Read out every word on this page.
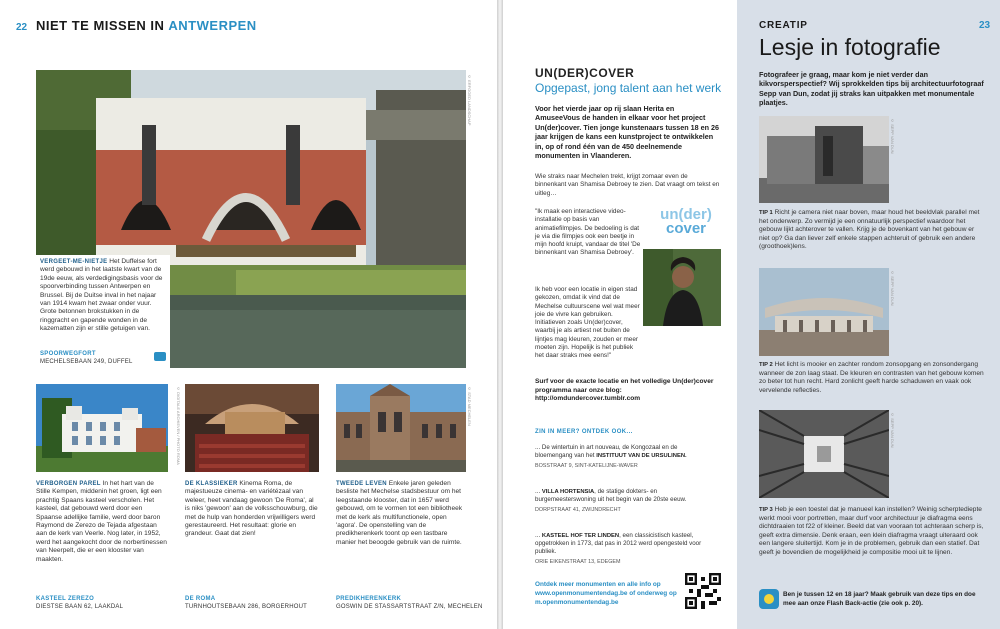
22 NIET TE MISSEN IN ANTWERPEN
© ERFGOED LANDSCHAP
VERGEET-ME-NIETJE Het Duffelse fort werd gebouwd in het laatste kwart van de 19de eeuw, als verdedigingsbasis voor de spoorverbinding tussen Antwerpen en Brussel. Bij de Duitse inval in het najaar van 1914 kwam het zwaar onder vuur. Grote betonnen brokstukken in de ringgracht en gapende wonden in de kazematten zijn er stille getuigen van.
SPOORWEGFORT
MECHELSEBAAN 249, DUFFEL
© DIGITALE ARCHIEVEN / PHOTO ROMA	© STAD MECHELEN
VERBORGEN PAREL In het hart van de Stille Kempen, middenin het groen, ligt een prachtig Spaans kasteel verscholen. Het kasteel, dat gebouwd werd door een Spaanse adellijke familie, werd door baron Raymond de Zerezo de Tejada afgestaan aan de kerk van Veerle. Nog later, in 1952, werd het aangekocht door de norbertinessen van Neerpelt, die er een klooster van maakten.
DE KLASSIEKER Kinema Roma, de majestueuze cinema- en variétézaal van weleer, heet vandaag gewoon 'De Roma', al is niks 'gewoon' aan de volksschouwburg, die met de hulp van honderden vrijwilligers werd gerestaureerd. Het resultaat: glorie en grandeur. Gaat dat zien!
TWEEDE LEVEN Enkele jaren geleden besliste het Mechelse stadsbestuur om het leegstaande klooster, dat in 1657 werd gebouwd, om te vormen tot een bibliotheek met de kerk als multifunctionele, open 'agora'. De openstelling van de predikherenkerk toont op een tastbare manier het beoogde gebruik van de ruimte.
KASTEEL ZEREZO
DIESTSE BAAN 62, LAAKDAL
DE ROMA
TURNHOUTSEBAAN 286, BORGERHOUT
PREDIKHERENKERK
GOSWIN DE STASSARTSTRAAT Z/N, MECHELEN
UN(DER)COVER
Opgepast, jong talent aan het werk
Voor het vierde jaar op rij slaan Herita en AmuseeVous de handen in elkaar voor het project Un(der)cover. Tien jonge kunstenaars tussen 18 en 26 jaar krijgen de kans een kunstproject te ontwikkelen in, op of rond één van de 450 deelnemende monumenten in Vlaanderen.
Wie straks naar Mechelen trekt, krijgt zomaar even de binnenkant van Shamisa Debroey te zien. Dat vraagt om tekst en uitleg…
un(der)
cover
"Ik maak een interactieve video-installatie op basis van animatiefilmpjes. De bedoeling is dat je via die filmpjes ook een beetje in mijn hoofd kruipt, vandaar de titel 'De binnenkant van Shamisa Debroey'.
Ik heb voor een locatie in eigen stad gekozen, omdat ik vind dat de Mechelse cultuurscene wel wat meer joie de vivre kan gebruiken. Initiatieven zoals Un(der)cover, waarbij je als artiest net buiten de lijntjes mag kleuren, zouden er meer moeten zijn. Hopelijk is het publiek het daar straks mee eens!"
Surf voor de exacte locatie en het volledige Un(der)cover programma naar onze blog: http://omdundercover.tumblr.com
ZIN IN MEER? ONTDEK OOK...
... De wintertuin in art nouveau, de Kongozaal en de bloemengang van het INSTITUUT VAN DE URSULINEN.
BOSSTRAAT 9, SINT-KATELIJNE-WAVER
... VILLA HORTENSIA, de statige dokters- en burgemeesterswoning uit het begin van de 20ste eeuw.
DORPSTRAAT 41, ZWIJNDRECHT
... KASTEEL HOF TER LINDEN, een classicistisch kasteel, opgetrokken in 1773, dat pas in 2012 werd opengesteld voor publiek.
ORIE EIKENSTRAAT 13, EDEGEM
Ontdek meer monumenten en alle info op www.openmonumentendag.be of onderweg op m.openmonumentendag.be
23
CREATIP
Lesje in fotografie
Fotografeer je graag, maar kom je niet verder dan kikvorsperspectief? Wij sprokkelden tips bij architectuurfotograaf Sepp van Dun, zodat jij straks kan uitpakken met monumentale plaatjes.
© SEPP VAN DUN
TIP 1 Richt je camera niet naar boven, maar houd het beeldvlak parallel met het onderwerp. Zo vermijd je een onnatuurlijk perspectief waardoor het gebouw lijkt achterover te vallen. Krijg je de bovenkant van het gebouw er niet op? Ga dan liever zelf enkele stappen achteruit of gebruik een andere (groothoek)lens.
© SEPP VAN DUN
TIP 2 Het licht is mooier en zachter rondom zonsopgang en zonsondergang wanneer de zon laag staat. De kleuren en contrasten van het gebouw komen zo beter tot hun recht. Hard zonlicht geeft harde schaduwen en vaak ook vervelende reflecties.
© SEPP VAN DUN
TIP 3 Heb je een toestel dat je manueel kan instellen? Weinig scherptediepte werkt mooi voor portretten, maar durf voor architectuur je diafragma eens dichtdraaien tot f22 of kleiner. Beeld dat van vooraan tot achteraan scherp is, geeft extra dimensie. Denk eraan, een klein diafragma vraagt uiteraard ook een langere sluitertijd. Kom je in de problemen, gebruik dan een statief. Dat geeft je bovendien de mogelijkheid je compositie mooi uit te lijnen.
Ben je tussen 12 en 18 jaar? Maak gebruik van deze tips en doe mee aan onze Flash Back-actie (zie ook p. 20).
